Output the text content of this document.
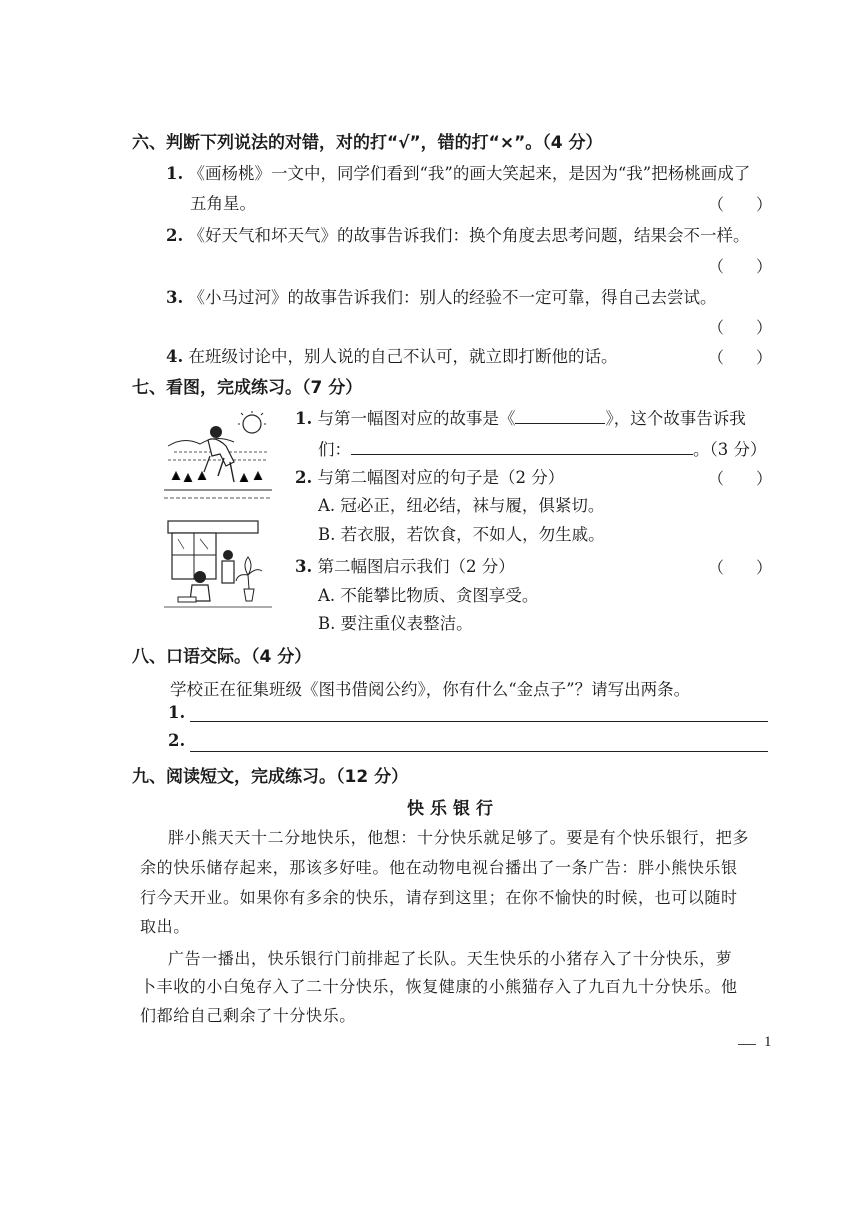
六、判断下列说法的对错，对的打“√”，错的打“×”。（4 分）
1. 《画杨桃》一文中，同学们看到“我”的画大笑起来，是因为“我”把杨桃画成了
五角星。	（　　）
2. 《好天气和坏天气》的故事告诉我们：换个角度去思考问题，结果会不一样。
（　　）
3. 《小马过河》的故事告诉我们：别人的经验不一定可靠，得自己去尝试。
（　　）
4. 在班级讨论中，别人说的自己不认可，就立即打断他的话。	（　　）
七、看图，完成练习。（7 分）
1. 与第一幅图对应的故事是《	》，这个故事告诉我
们：	。（3 分）
2. 与第二幅图对应的句子是（2 分）	（　　）
A. 冠必正，纽必结，袜与履，俱紧切。
B. 若衣服，若饮食，不如人，勿生戚。
3. 第二幅图启示我们（2 分）	（　　）
A. 不能攀比物质、贪图享受。
B. 要注重仪表整洁。
八、口语交际。（4 分）
学校正在征集班级《图书借阅公约》，你有什么“金点子”？请写出两条。
1.
2.
九、阅读短文，完成练习。（12 分）
快乐银行
胖小熊天天十二分地快乐，他想：十分快乐就足够了。要是有个快乐银行，把多
余的快乐储存起来，那该多好哇。他在动物电视台播出了一条广告：胖小熊快乐银
行今天开业。如果你有多余的快乐，请存到这里；在你不愉快的时候，也可以随时
取出。
广告一播出，快乐银行门前排起了长队。天生快乐的小猪存入了十分快乐，萝
卜丰收的小白兔存入了二十分快乐，恢复健康的小熊猫存入了九百九十分快乐。他
们都给自己剩余了十分快乐。
1
